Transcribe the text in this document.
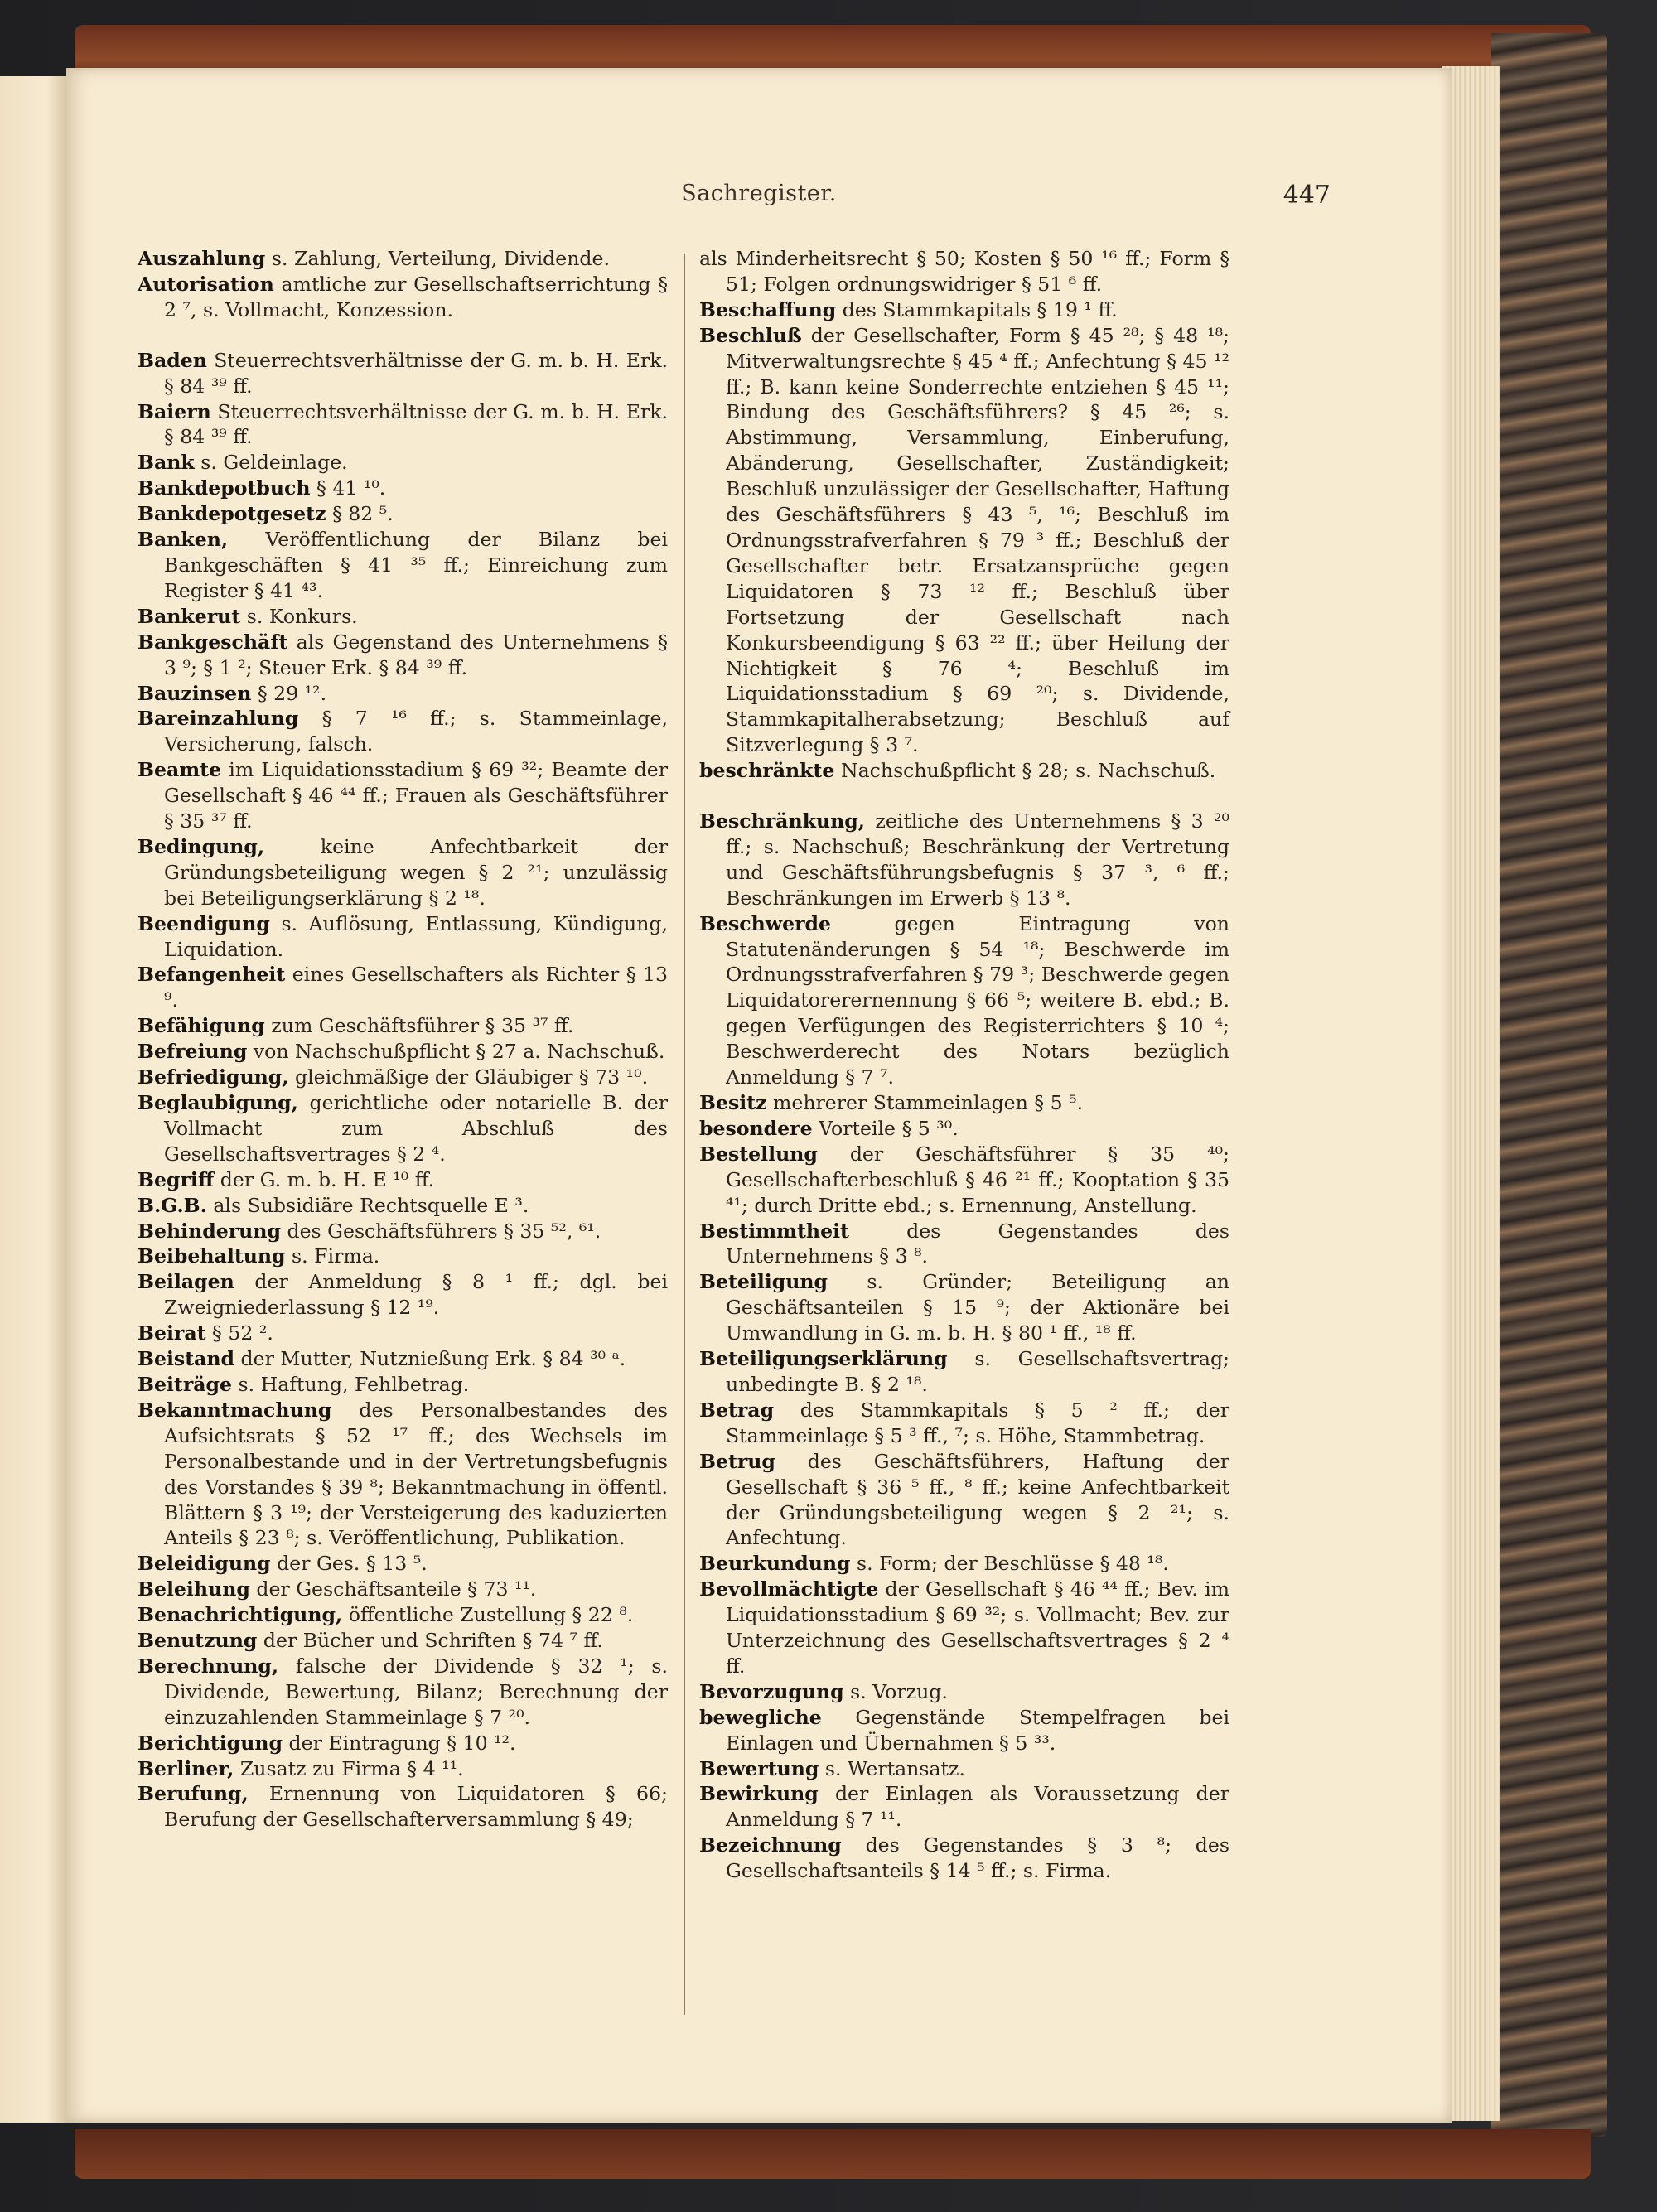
Sachregister.	447

Auszahlung s. Zahlung, Verteilung, Dividende.

Autorisation amtliche zur Gesellschaftserrichtung § 2 ⁷, s. Vollmacht, Konzession.

Baden Steuerrechtsverhältnisse der G. m. b. H. Erk. § 84 ³⁹ ff.

Baiern Steuerrechtsverhältnisse der G. m. b. H. Erk. § 84 ³⁹ ff.

Bank s. Geldeinlage.

Bankdepotbuch § 41 ¹⁰.

Bankdepotgesetz § 82 ⁵.

Banken, Veröffentlichung der Bilanz bei Bankgeschäften § 41 ³⁵ ff.; Einreichung zum Register § 41 ⁴³.

Bankerut s. Konkurs.

Bankgeschäft als Gegenstand des Unternehmens § 3 ⁹; § 1 ²; Steuer Erk. § 84 ³⁹ ff.

Bauzinsen § 29 ¹².

Bareinzahlung § 7 ¹⁶ ff.; s. Stammeinlage, Versicherung, falsch.

Beamte im Liquidationsstadium § 69 ³²; Beamte der Gesellschaft § 46 ⁴⁴ ff.; Frauen als Geschäftsführer § 35 ³⁷ ff.

Bedingung, keine Anfechtbarkeit der Gründungsbeteiligung wegen § 2 ²¹; unzulässig bei Beteiligungserklärung § 2 ¹⁸.

Beendigung s. Auflösung, Entlassung, Kündigung, Liquidation.

Befangenheit eines Gesellschafters als Richter § 13 ⁹.

Befähigung zum Geschäftsführer § 35 ³⁷ ff.

Befreiung von Nachschußpflicht § 27 a. Nachschuß.

Befriedigung, gleichmäßige der Gläubiger § 73 ¹⁰.

Beglaubigung, gerichtliche oder notarielle B. der Vollmacht zum Abschluß des Gesellschaftsvertrages § 2 ⁴.

Begriff der G. m. b. H. E ¹⁰ ff.

B.G.B. als Subsidiäre Rechtsquelle E ³.

Behinderung des Geschäftsführers § 35 ⁵², ⁶¹.

Beibehaltung s. Firma.

Beilagen der Anmeldung § 8 ¹ ff.; dgl. bei Zweigniederlassung § 12 ¹⁹.

Beirat § 52 ².

Beistand der Mutter, Nutznießung Erk. § 84 ³⁰ ᵃ.

Beiträge s. Haftung, Fehlbetrag.

Bekanntmachung des Personalbestandes des Aufsichtsrats § 52 ¹⁷ ff.; des Wechsels im Personalbestande und in der Vertretungsbefugnis des Vorstandes § 39 ⁸; Bekanntmachung in öffentl. Blättern § 3 ¹⁹; der Versteigerung des kaduzierten Anteils § 23 ⁸; s. Veröffentlichung, Publikation.

Beleidigung der Ges. § 13 ⁵.

Beleihung der Geschäftsanteile § 73 ¹¹.

Benachrichtigung, öffentliche Zustellung § 22 ⁸.

Benutzung der Bücher und Schriften § 74 ⁷ ff.

Berechnung, falsche der Dividende § 32 ¹; s. Dividende, Bewertung, Bilanz; Berechnung der einzuzahlenden Stammeinlage § 7 ²⁰.

Berichtigung der Eintragung § 10 ¹².

Berliner, Zusatz zu Firma § 4 ¹¹.

Berufung, Ernennung von Liquidatoren § 66; Berufung der Gesellschafterversammlung § 49;

als Minderheitsrecht § 50; Kosten § 50 ¹⁶ ff.; Form § 51; Folgen ordnungswidriger § 51 ⁶ ff.

Beschaffung des Stammkapitals § 19 ¹ ff.

Beschluß der Gesellschafter, Form § 45 ²⁸; § 48 ¹⁸; Mitverwaltungsrechte § 45 ⁴ ff.; Anfechtung § 45 ¹² ff.; B. kann keine Sonderrechte entziehen § 45 ¹¹; Bindung des Geschäftsführers? § 45 ²⁶; s. Abstimmung, Versammlung, Einberufung, Abänderung, Gesellschafter, Zuständigkeit; Beschluß unzulässiger der Gesellschafter, Haftung des Geschäftsführers § 43 ⁵, ¹⁶; Beschluß im Ordnungsstrafverfahren § 79 ³ ff.; Beschluß der Gesellschafter betr. Ersatzansprüche gegen Liquidatoren § 73 ¹² ff.; Beschluß über Fortsetzung der Gesellschaft nach Konkursbeendigung § 63 ²² ff.; über Heilung der Nichtigkeit § 76 ⁴; Beschluß im Liquidationsstadium § 69 ²⁰; s. Dividende, Stammkapitalherabsetzung; Beschluß auf Sitzverlegung § 3 ⁷.

beschränkte Nachschußpflicht § 28; s. Nachschuß.

Beschränkung, zeitliche des Unternehmens § 3 ²⁰ ff.; s. Nachschuß; Beschränkung der Vertretung und Geschäftsführungsbefugnis § 37 ³, ⁶ ff.; Beschränkungen im Erwerb § 13 ⁸.

Beschwerde gegen Eintragung von Statutenänderungen § 54 ¹⁸; Beschwerde im Ordnungsstrafverfahren § 79 ³; Beschwerde gegen Liquidatorerernennung § 66 ⁵; weitere B. ebd.; B. gegen Verfügungen des Registerrichters § 10 ⁴; Beschwerderecht des Notars bezüglich Anmeldung § 7 ⁷.

Besitz mehrerer Stammeinlagen § 5 ⁵.

besondere Vorteile § 5 ³⁰.

Bestellung der Geschäftsführer § 35 ⁴⁰; Gesellschafterbeschluß § 46 ²¹ ff.; Kooptation § 35 ⁴¹; durch Dritte ebd.; s. Ernennung, Anstellung.

Bestimmtheit des Gegenstandes des Unternehmens § 3 ⁸.

Beteiligung s. Gründer; Beteiligung an Geschäftsanteilen § 15 ⁹; der Aktionäre bei Umwandlung in G. m. b. H. § 80 ¹ ff., ¹⁸ ff.

Beteiligungserklärung s. Gesellschaftsvertrag; unbedingte B. § 2 ¹⁸.

Betrag des Stammkapitals § 5 ² ff.; der Stammeinlage § 5 ³ ff., ⁷; s. Höhe, Stammbetrag.

Betrug des Geschäftsführers, Haftung der Gesellschaft § 36 ⁵ ff., ⁸ ff.; keine Anfechtbarkeit der Gründungsbeteiligung wegen § 2 ²¹; s. Anfechtung.

Beurkundung s. Form; der Beschlüsse § 48 ¹⁸.

Bevollmächtigte der Gesellschaft § 46 ⁴⁴ ff.; Bev. im Liquidationsstadium § 69 ³²; s. Vollmacht; Bev. zur Unterzeichnung des Gesellschaftsvertrages § 2 ⁴ ff.

Bevorzugung s. Vorzug.

bewegliche Gegenstände Stempelfragen bei Einlagen und Übernahmen § 5 ³³.

Bewertung s. Wertansatz.

Bewirkung der Einlagen als Voraussetzung der Anmeldung § 7 ¹¹.

Bezeichnung des Gegenstandes § 3 ⁸; des Gesellschaftsanteils § 14 ⁵ ff.; s. Firma.
